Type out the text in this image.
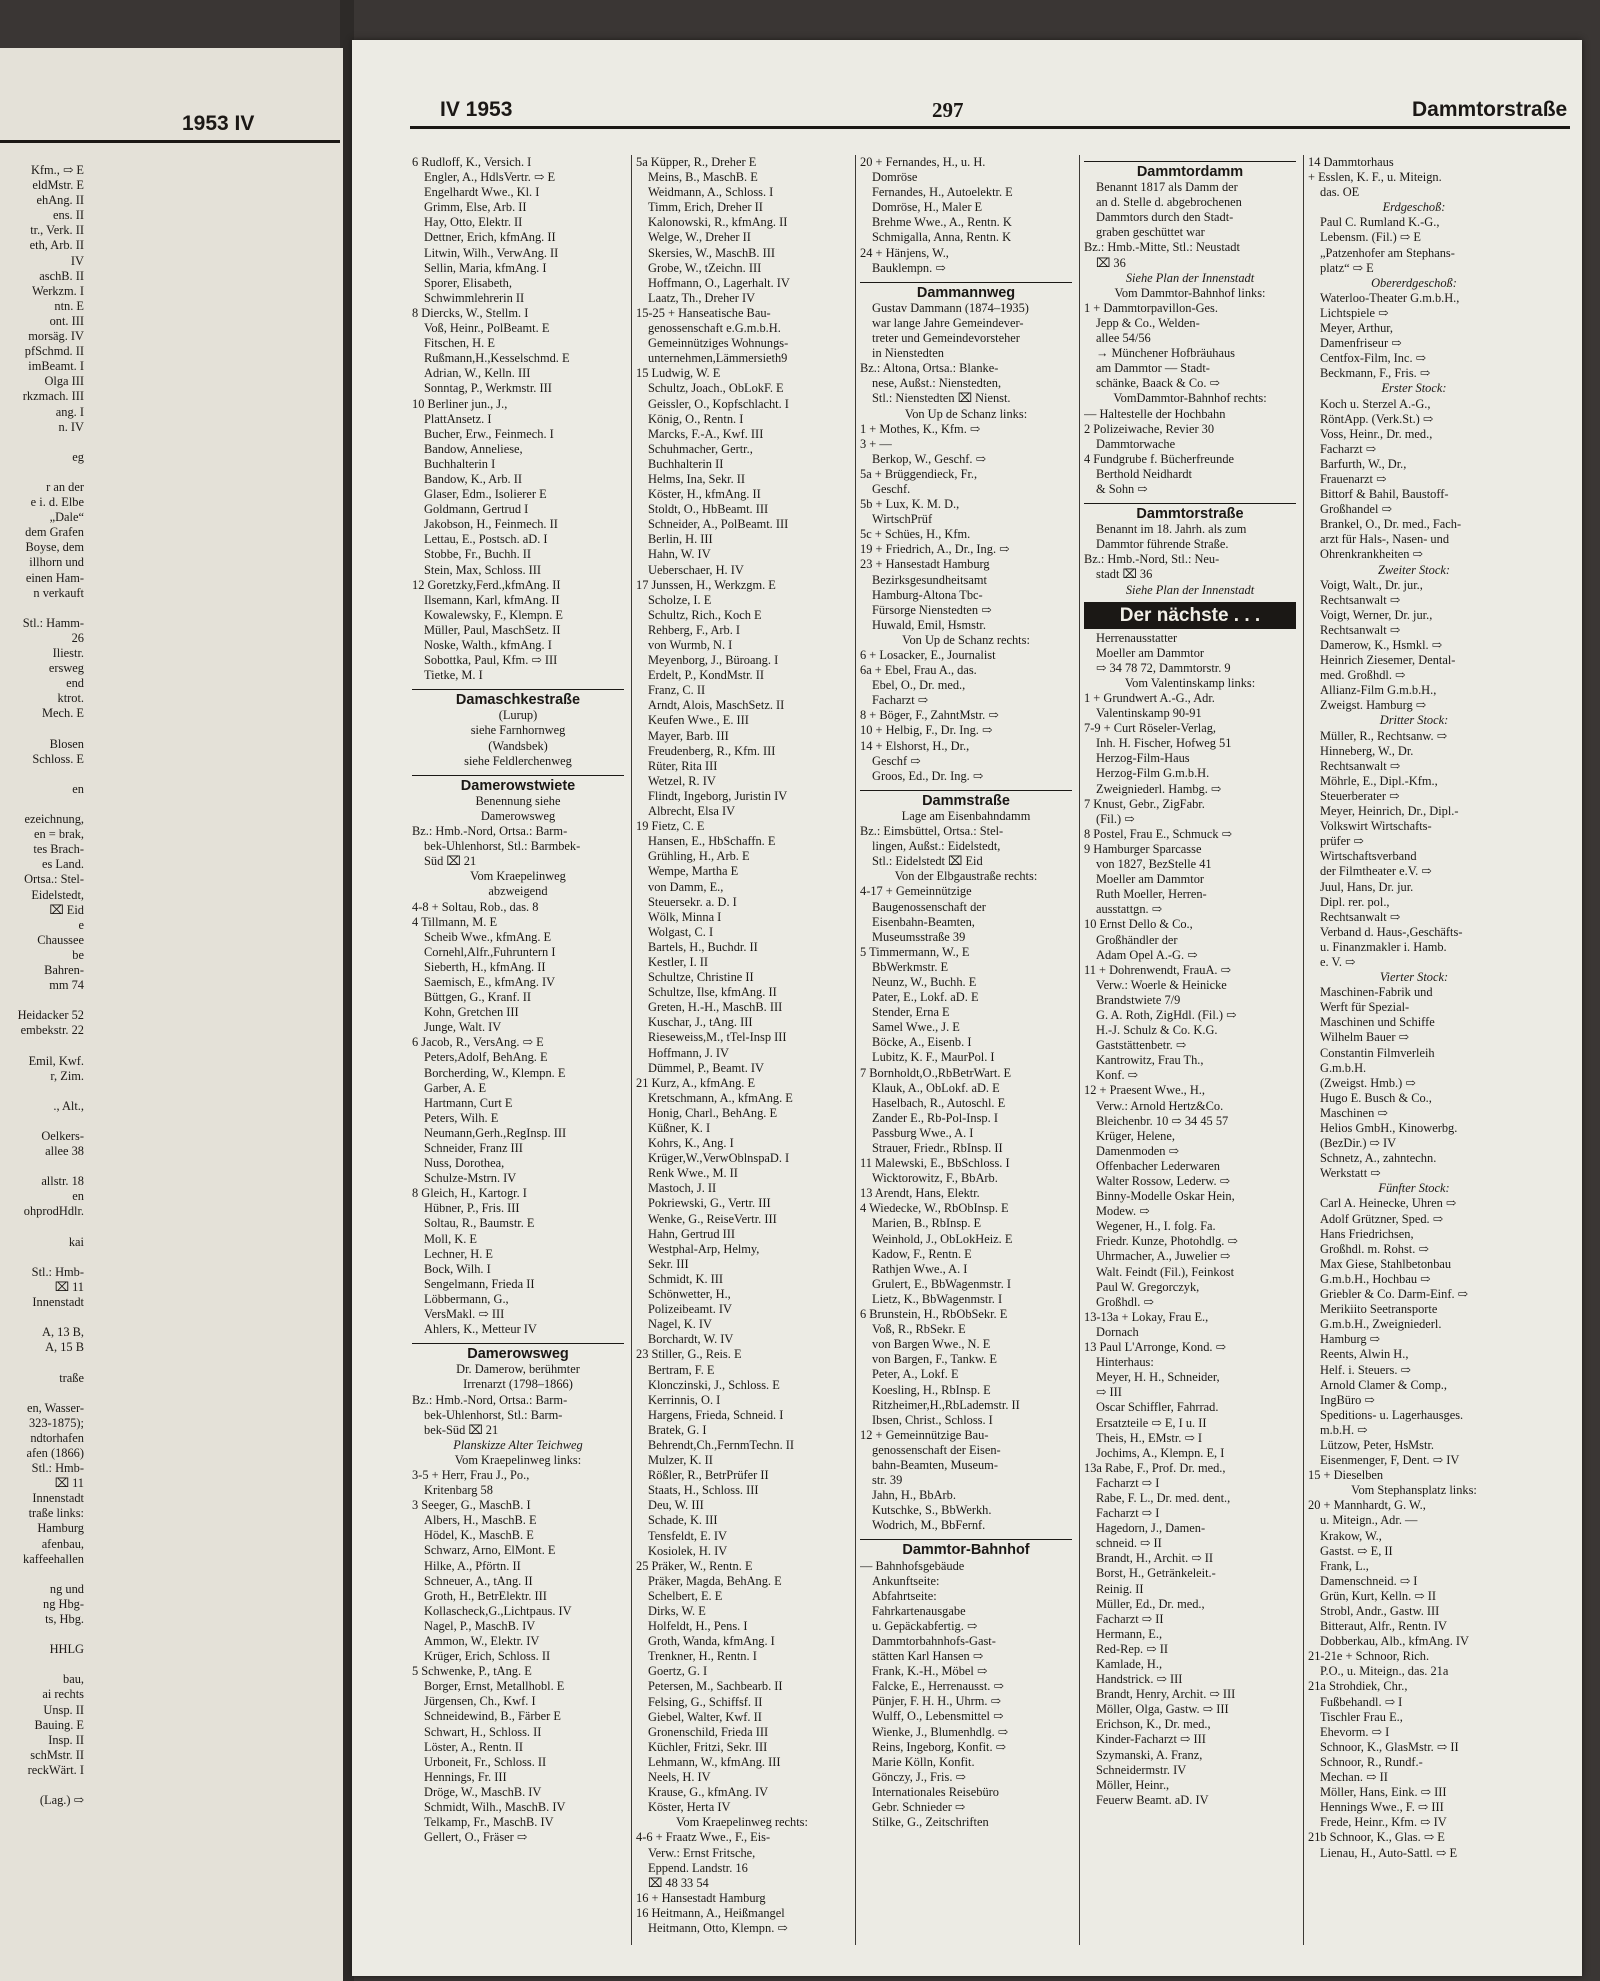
1953 IV
Kfm., ⇨ E
eldMstr. E
ehAng. II
ens. II
tr., Verk. II
eth, Arb. II
IV
aschB. II
Werkzm. I
ntn. E
ont. III
morsäg. IV
pfSchmd. II
imBeamt. I
Olga III
rkzmach. III
ang. I
n. IV
eg
r an der
e i. d. Elbe
„Dale“
dem Grafen
Boyse, dem
illhorn und
einen Ham-
n verkauft
Stl.: Hamm-
26
Iliestr.
ersweg
end
ktrot.
Mech. E
Blosen
Schloss. E
en
ezeichnung,
en = brak,
tes Brach-
es Land.
Ortsa.: Stel-
Eidelstedt,
⌧ Eid
e
Chaussee
be
Bahren-
mm 74
Heidacker 52
embekstr. 22
Emil, Kwf.
r, Zim.
., Alt.,
Oelkers-
allee 38
allstr. 18
en
ohprodHdlr.
kai
Stl.: Hmb-
⌧ 11
Innenstadt
A, 13 B,
A, 15 B
traße
en, Wasser-
323-1875);
ndtorhafen
afen (1866)
Stl.: Hmb-
⌧ 11
Innenstadt
traße links:
Hamburg
afenbau,
kaffeehallen
ng und
ng Hbg-
ts, Hbg.
HHLG
bau,
ai rechts
Unsp. II
Bauing. E
Insp. II
schMstr. II
reckWärt. I
(Lag.) ⇨
IV 1953	297	Dammtorstraße
6 Rudloff, K., Versich. I
Engler, A., HdlsVertr. ⇨ E
Engelhardt Wwe., Kl. I
Grimm, Else, Arb. II
Hay, Otto, Elektr. II
Dettner, Erich, kfmAng. II
Litwin, Wilh., VerwAng. II
Sellin, Maria, kfmAng. I
Sporer, Elisabeth,
Schwimmlehrerin II
8 Diercks, W., Stellm. I
Voß, Heinr., PolBeamt. E
Fitschen, H. E
Rußmann,H.,Kesselschmd. E
Adrian, W., Kelln. III
Sonntag, P., Werkmstr. III
10 Berliner jun., J.,
PlattAnsetz. I
Bucher, Erw., Feinmech. I
Bandow, Anneliese,
Buchhalterin I
Bandow, K., Arb. II
Glaser, Edm., Isolierer E
Goldmann, Gertrud I
Jakobson, H., Feinmech. II
Lettau, E., Postsch. aD. I
Stobbe, Fr., Buchh. II
Stein, Max, Schloss. III
12 Goretzky,Ferd.,kfmAng. II
Ilsemann, Karl, kfmAng. II
Kowalewsky, F., Klempn. E
Müller, Paul, MaschSetz. II
Noske, Walth., kfmAng. I
Sobottka, Paul, Kfm. ⇨ III
Tietke, M. I
Damaschkestraße
(Lurup)
siehe Farnhornweg
(Wandsbek)
siehe Feldlerchenweg
Damerowstwiete
Benennung siehe
Damerowsweg
Bz.: Hmb.-Nord, Ortsa.: Barm-
bek-Uhlenhorst, Stl.: Barmbek-
Süd ⌧ 21
Vom Kraepelinweg
abzweigend
4-8 + Soltau, Rob., das. 8
4 Tillmann, M. E
Scheib Wwe., kfmAng. E
Cornehl,Alfr.,Fuhruntern I
Sieberth, H., kfmAng. II
Saemisch, E., kfmAng. IV
Büttgen, G., Kranf. II
Kohn, Gretchen III
Junge, Walt. IV
6 Jacob, R., VersAng. ⇨ E
Peters,Adolf, BehAng. E
Borcherding, W., Klempn. E
Garber, A. E
Hartmann, Curt E
Peters, Wilh. E
Neumann,Gerh.,RegInsp. III
Schneider, Franz III
Nuss, Dorothea,
Schulze-Mstrn. IV
8 Gleich, H., Kartogr. I
Hübner, P., Fris. III
Soltau, R., Baumstr. E
Moll, K. E
Lechner, H. E
Bock, Wilh. I
Sengelmann, Frieda II
Löbbermann, G.,
VersMakl. ⇨ III
Ahlers, K., Metteur IV
Damerowsweg
Dr. Damerow, berühmter
Irrenarzt (1798–1866)
Bz.: Hmb.-Nord, Ortsa.: Barm-
bek-Uhlenhorst, Stl.: Barm-
bek-Süd ⌧ 21
Planskizze Alter Teichweg
Vom Kraepelinweg links:
3-5 + Herr, Frau J., Po.,
Kritenbarg 58
3 Seeger, G., MaschB. I
Albers, H., MaschB. E
Hödel, K., MaschB. E
Schwarz, Arno, ElMont. E
Hilke, A., Pförtn. II
Schneuer, A., tAng. II
Groth, H., BetrElektr. III
Kollascheck,G.,Lichtpaus. IV
Nagel, P., MaschB. IV
Ammon, W., Elektr. IV
Krüger, Erich, Schloss. II
5 Schwenke, P., tAng. E
Borger, Ernst, Metallhobl. E
Jürgensen, Ch., Kwf. I
Schneidewind, B., Färber E
Schwart, H., Schloss. II
Löster, A., Rentn. II
Urboneit, Fr., Schloss. II
Hennings, Fr. III
Dröge, W., MaschB. IV
Schmidt, Wilh., MaschB. IV
Telkamp, Fr., MaschB. IV
Gellert, O., Fräser ⇨
5a Küpper, R., Dreher E
Meins, B., MaschB. E
Weidmann, A., Schloss. I
Timm, Erich, Dreher II
Kalonowski, R., kfmAng. II
Welge, W., Dreher II
Skersies, W., MaschB. III
Grobe, W., tZeichn. III
Hoffmann, O., Lagerhalt. IV
Laatz, Th., Dreher IV
15-25 + Hanseatische Bau-
genossenschaft e.G.m.b.H.
Gemeinnütziges Wohnungs-
unternehmen,Lämmersieth9
15 Ludwig, W. E
Schultz, Joach., ObLokF. E
Geissler, O., Kopfschlacht. I
König, O., Rentn. I
Marcks, F.-A., Kwf. III
Schuhmacher, Gertr.,
Buchhalterin II
Helms, Ina, Sekr. II
Köster, H., kfmAng. II
Stoldt, O., HbBeamt. III
Schneider, A., PolBeamt. III
Berlin, H. III
Hahn, W. IV
Ueberschaer, H. IV
17 Junssen, H., Werkzgm. E
Scholze, I. E
Schultz, Rich., Koch E
Rehberg, F., Arb. I
von Wurmb, N. I
Meyenborg, J., Büroang. I
Erdelt, P., KondMstr. II
Franz, C. II
Arndt, Alois, MaschSetz. II
Keufen Wwe., E. III
Mayer, Barb. III
Freudenberg, R., Kfm. III
Rüter, Rita III
Wetzel, R. IV
Flindt, Ingeborg, Juristin IV
Albrecht, Elsa IV
19 Fietz, C. E
Hansen, E., HbSchaffn. E
Grühling, H., Arb. E
Wempe, Martha E
von Damm, E.,
Steuersekr. a. D. I
Wölk, Minna I
Wolgast, C. I
Bartels, H., Buchdr. II
Kestler, I. II
Schultze, Christine II
Schultze, Ilse, kfmAng. II
Greten, H.-H., MaschB. III
Kuschar, J., tAng. III
Rieseweiss,M., tTel-Insp III
Hoffmann, J. IV
Dümmel, P., Beamt. IV
21 Kurz, A., kfmAng. E
Kretschmann, A., kfmAng. E
Honig, Charl., BehAng. E
Küßner, K. I
Kohrs, K., Ang. I
Krüger,W.,VerwOblnspaD. I
Renk Wwe., M. II
Mastoch, J. II
Pokriewski, G., Vertr. III
Wenke, G., ReiseVertr. III
Hahn, Gertrud III
Westphal-Arp, Helmy,
Sekr. III
Schmidt, K. III
Schönwetter, H.,
Polizeibeamt. IV
Nagel, K. IV
Borchardt, W. IV
23 Stiller, G., Reis. E
Bertram, F. E
Klonczinski, J., Schloss. E
Kerrinnis, O. I
Hargens, Frieda, Schneid. I
Bratek, G. I
Behrendt,Ch.,FernmTechn. II
Mulzer, K. II
Rößler, R., BetrPrüfer II
Staats, H., Schloss. III
Deu, W. III
Schade, K. III
Tensfeldt, E. IV
Kosiolek, H. IV
25 Präker, W., Rentn. E
Präker, Magda, BehAng. E
Schelbert, E. E
Dirks, W. E
Holfeldt, H., Pens. I
Groth, Wanda, kfmAng. I
Trenkner, H., Rentn. I
Goertz, G. I
Petersen, M., Sachbearb. II
Felsing, G., Schiffsf. II
Giebel, Walter, Kwf. II
Gronenschild, Frieda III
Küchler, Fritzi, Sekr. III
Lehmann, W., kfmAng. III
Neels, H. IV
Krause, G., kfmAng. IV
Köster, Herta IV
Vom Kraepelinweg rechts:
4-6 + Fraatz Wwe., F., Eis-
Verw.: Ernst Fritsche,
Eppend. Landstr. 16
⌧ 48 33 54
16 + Hansestadt Hamburg
16 Heitmann, A., Heißmangel
Heitmann, Otto, Klempn. ⇨
20 + Fernandes, H., u. H.
Domröse
Fernandes, H., Autoelektr. E
Domröse, H., Maler E
Brehme Wwe., A., Rentn. K
Schmigalla, Anna, Rentn. K
24 + Hänjens, W.,
Bauklempn. ⇨
Dammannweg
Gustav Dammann (1874–1935)
war lange Jahre Gemeindever-
treter und Gemeindevorsteher
in Nienstedten
Bz.: Altona, Ortsa.: Blanke-
nese, Außst.: Nienstedten,
Stl.: Nienstedten ⌧ Nienst.
Von Up de Schanz links:
1 + Mothes, K., Kfm. ⇨
3 + —
Berkop, W., Geschf. ⇨
5a + Brüggendieck, Fr.,
Geschf.
5b + Lux, K. M. D.,
WirtschPrüf
5c + Schües, H., Kfm.
19 + Friedrich, A., Dr., Ing. ⇨
23 + Hansestadt Hamburg
Bezirksgesundheitsamt
Hamburg-Altona Tbc-
Fürsorge Nienstedten ⇨
Huwald, Emil, Hsmstr.
Von Up de Schanz rechts:
6 + Losacker, E., Journalist
6a + Ebel, Frau A., das.
Ebel, O., Dr. med.,
Facharzt ⇨
8 + Böger, F., ZahntMstr. ⇨
10 + Helbig, F., Dr. Ing. ⇨
14 + Elshorst, H., Dr.,
Geschf ⇨
Groos, Ed., Dr. Ing. ⇨
Dammstraße
Lage am Eisenbahndamm
Bz.: Eimsbüttel, Ortsa.: Stel-
lingen, Außst.: Eidelstedt,
Stl.: Eidelstedt ⌧ Eid
Von der Elbgaustraße rechts:
4-17 + Gemeinnützige
Baugenossenschaft der
Eisenbahn-Beamten,
Museumsstraße 39
5 Timmermann, W., E
BbWerkmstr. E
Neunz, W., Buchh. E
Pater, E., Lokf. aD. E
Stender, Erna E
Samel Wwe., J. E
Böcke, A., Eisenb. I
Lubitz, K. F., MaurPol. I
7 Bornholdt,O.,RbBetrWart. E
Klauk, A., ObLokf. aD. E
Haselbach, R., Autoschl. E
Zander E., Rb-Pol-Insp. I
Passburg Wwe., A. I
Strauer, Friedr., RbInsp. II
11 Malewski, E., BbSchloss. I
Wicktorowitz, F., BbArb.
13 Arendt, Hans, Elektr.
4 Wiedecke, W., RbObInsp. E
Marien, B., RbInsp. E
Weinhold, J., ObLokHeiz. E
Kadow, F., Rentn. E
Rathjen Wwe., A. I
Grulert, E., BbWagenmstr. I
Lietz, K., BbWagenmstr. I
6 Brunstein, H., RbObSekr. E
Voß, R., RbSekr. E
von Bargen Wwe., N. E
von Bargen, F., Tankw. E
Peter, A., Lokf. E
Koesling, H., RbInsp. E
Ritzheimer,H.,RbLademstr. II
Ibsen, Christ., Schloss. I
12 + Gemeinnützige Bau-
genossenschaft der Eisen-
bahn-Beamten, Museum-
str. 39
Jahn, H., BbArb.
Kutschke, S., BbWerkh.
Wodrich, M., BbFernf.
Dammtor-Bahnhof
— Bahnhofsgebäude
Ankunftseite:
Abfahrtseite:
Fahrkartenausgabe
u. Gepäckabfertig. ⇨
Dammtorbahnhofs-Gast-
stätten Karl Hansen ⇨
Frank, K.-H., Möbel ⇨
Falcke, E., Herrenausst. ⇨
Pünjer, F. H. H., Uhrm. ⇨
Wulff, O., Lebensmittel ⇨
Wienke, J., Blumenhdlg. ⇨
Reins, Ingeborg, Konfit. ⇨
Marie Kölln, Konfit.
Gönczy, J., Fris. ⇨
Internationales Reisebüro
Gebr. Schnieder ⇨
Stilke, G., Zeitschriften
Dammtordamm
Benannt 1817 als Damm der
an d. Stelle d. abgebrochenen
Dammtors durch den Stadt-
graben geschüttet war
Bz.: Hmb.-Mitte, Stl.: Neustadt
⌧ 36
Siehe Plan der Innenstadt
Vom Dammtor-Bahnhof links:
1 + Dammtorpavillon-Ges.
Jepp & Co., Welden-
allee 54/56
→ Münchener Hofbräuhaus
am Dammtor — Stadt-
schänke, Baack & Co. ⇨
VomDammtor-Bahnhof rechts:
— Haltestelle der Hochbahn
2 Polizeiwache, Revier 30
Dammtorwache
4 Fundgrube f. Bücherfreunde
Berthold Neidhardt
& Sohn ⇨
Dammtorstraße
Benannt im 18. Jahrh. als zum
Dammtor führende Straße.
Bz.: Hmb.-Nord, Stl.: Neu-
stadt ⌧ 36
Siehe Plan der Innenstadt
Der nächste . . .
Herrenausstatter
Moeller am Dammtor
⇨ 34 78 72, Dammtorstr. 9
Vom Valentinskamp links:
1 + Grundwert A.-G., Adr.
Valentinskamp 90-91
7-9 + Curt Röseler-Verlag,
Inh. H. Fischer, Hofweg 51
Herzog-Film-Haus
Herzog-Film G.m.b.H.
Zweigniederl. Hambg. ⇨
7 Knust, Gebr., ZigFabr.
(Fil.) ⇨
8 Postel, Frau E., Schmuck ⇨
9 Hamburger Sparcasse
von 1827, BezStelle 41
Moeller am Dammtor
Ruth Moeller, Herren-
ausstattgn. ⇨
10 Ernst Dello & Co.,
Großhändler der
Adam Opel A.-G. ⇨
11 + Dohrenwendt, FrauA. ⇨
Verw.: Woerle & Heinicke
Brandstwiete 7/9
G. A. Roth, ZigHdl. (Fil.) ⇨
H.-J. Schulz & Co. K.G.
Gaststättenbetr. ⇨
Kantrowitz, Frau Th.,
Konf. ⇨
12 + Praesent Wwe., H.,
Verw.: Arnold Hertz&Co.
Bleichenbr. 10 ⇨ 34 45 57
Krüger, Helene,
Damenmoden ⇨
Offenbacher Lederwaren
Walter Rossow, Lederw. ⇨
Binny-Modelle Oskar Hein,
Modew. ⇨
Wegener, H., I. folg. Fa.
Friedr. Kunze, Photohdlg. ⇨
Uhrmacher, A., Juwelier ⇨
Walt. Feindt (Fil.), Feinkost
Paul W. Gregorczyk,
Großhdl. ⇨
13-13a + Lokay, Frau E.,
Dornach
13 Paul L'Arronge, Kond. ⇨
Hinterhaus:
Meyer, H. H., Schneider,
⇨ III
Oscar Schiffler, Fahrrad.
Ersatzteile ⇨ E, I u. II
Theis, H., EMstr. ⇨ I
Jochims, A., Klempn. E, I
13a Rabe, F., Prof. Dr. med.,
Facharzt ⇨ I
Rabe, F. L., Dr. med. dent.,
Facharzt ⇨ I
Hagedorn, J., Damen-
schneid. ⇨ II
Brandt, H., Archit. ⇨ II
Borst, H., Getränkeleit.-
Reinig. II
Müller, Ed., Dr. med.,
Facharzt ⇨ II
Hermann, E.,
Red-Rep. ⇨ II
Kamlade, H.,
Handstrick. ⇨ III
Brandt, Henry, Archit. ⇨ III
Möller, Olga, Gastw. ⇨ III
Erichson, K., Dr. med.,
Kinder-Facharzt ⇨ III
Szymanski, A. Franz,
Schneidermstr. IV
Möller, Heinr.,
Feuerw Beamt. aD. IV
14 Dammtorhaus
+ Esslen, K. F., u. Miteign.
das. OE
Erdgeschoß:
Paul C. Rumland K.-G.,
Lebensm. (Fil.) ⇨ E
„Patzenhofer am Stephans-
platz“ ⇨ E
Obererdgeschoß:
Waterloo-Theater G.m.b.H.,
Lichtspiele ⇨
Meyer, Arthur,
Damenfriseur ⇨
Centfox-Film, Inc. ⇨
Beckmann, F., Fris. ⇨
Erster Stock:
Koch u. Sterzel A.-G.,
RöntApp. (Verk.St.) ⇨
Voss, Heinr., Dr. med.,
Facharzt ⇨
Barfurth, W., Dr.,
Frauenarzt ⇨
Bittorf & Bahil, Baustoff-
Großhandel ⇨
Brankel, O., Dr. med., Fach-
arzt für Hals-, Nasen- und
Ohrenkrankheiten ⇨
Zweiter Stock:
Voigt, Walt., Dr. jur.,
Rechtsanwalt ⇨
Voigt, Werner, Dr. jur.,
Rechtsanwalt ⇨
Damerow, K., Hsmkl. ⇨
Heinrich Ziesemer, Dental-
med. Großhdl. ⇨
Allianz-Film G.m.b.H.,
Zweigst. Hamburg ⇨
Dritter Stock:
Müller, R., Rechtsanw. ⇨
Hinneberg, W., Dr.
Rechtsanwalt ⇨
Möhrle, E., Dipl.-Kfm.,
Steuerberater ⇨
Meyer, Heinrich, Dr., Dipl.-
Volkswirt Wirtschafts-
prüfer ⇨
Wirtschaftsverband
der Filmtheater e.V. ⇨
Juul, Hans, Dr. jur.
Dipl. rer. pol.,
Rechtsanwalt ⇨
Verband d. Haus-,Geschäfts-
u. Finanzmakler i. Hamb.
e. V. ⇨
Vierter Stock:
Maschinen-Fabrik und
Werft für Spezial-
Maschinen und Schiffe
Wilhelm Bauer ⇨
Constantin Filmverleih
G.m.b.H.
(Zweigst. Hmb.) ⇨
Hugo E. Busch & Co.,
Maschinen ⇨
Helios GmbH., Kinowerbg.
(BezDir.) ⇨ IV
Schnetz, A., zahntechn.
Werkstatt ⇨
Fünfter Stock:
Carl A. Heinecke, Uhren ⇨
Adolf Grützner, Sped. ⇨
Hans Friedrichsen,
Großhdl. m. Rohst. ⇨
Max Giese, Stahlbetonbau
G.m.b.H., Hochbau ⇨
Griebler & Co. Darm-Einf. ⇨
Merikiito Seetransporte
G.m.b.H., Zweigniederl.
Hamburg ⇨
Reents, Alwin H.,
Helf. i. Steuers. ⇨
Arnold Clamer & Comp.,
IngBüro ⇨
Speditions- u. Lagerhausges.
m.b.H. ⇨
Lützow, Peter, HsMstr.
Eisenmenger, F, Dent. ⇨ IV
15 + Dieselben
Vom Stephansplatz links:
20 + Mannhardt, G. W.,
u. Miteign., Adr. —
Krakow, W.,
Gastst. ⇨ E, II
Frank, L.,
Damenschneid. ⇨ I
Grün, Kurt, Kelln. ⇨ II
Strobl, Andr., Gastw. III
Bitteraut, Alfr., Rentn. IV
Dobberkau, Alb., kfmAng. IV
21-21e + Schnoor, Rich.
P.O., u. Miteign., das. 21a
21a Strohdiek, Chr.,
Fußbehandl. ⇨ I
Tischler Frau E.,
Ehevorm. ⇨ I
Schnoor, K., GlasMstr. ⇨ II
Schnoor, R., Rundf.-
Mechan. ⇨ II
Möller, Hans, Eink. ⇨ III
Hennings Wwe., F. ⇨ III
Frede, Heinr., Kfm. ⇨ IV
21b Schnoor, K., Glas. ⇨ E
Lienau, H., Auto-Sattl. ⇨ E
